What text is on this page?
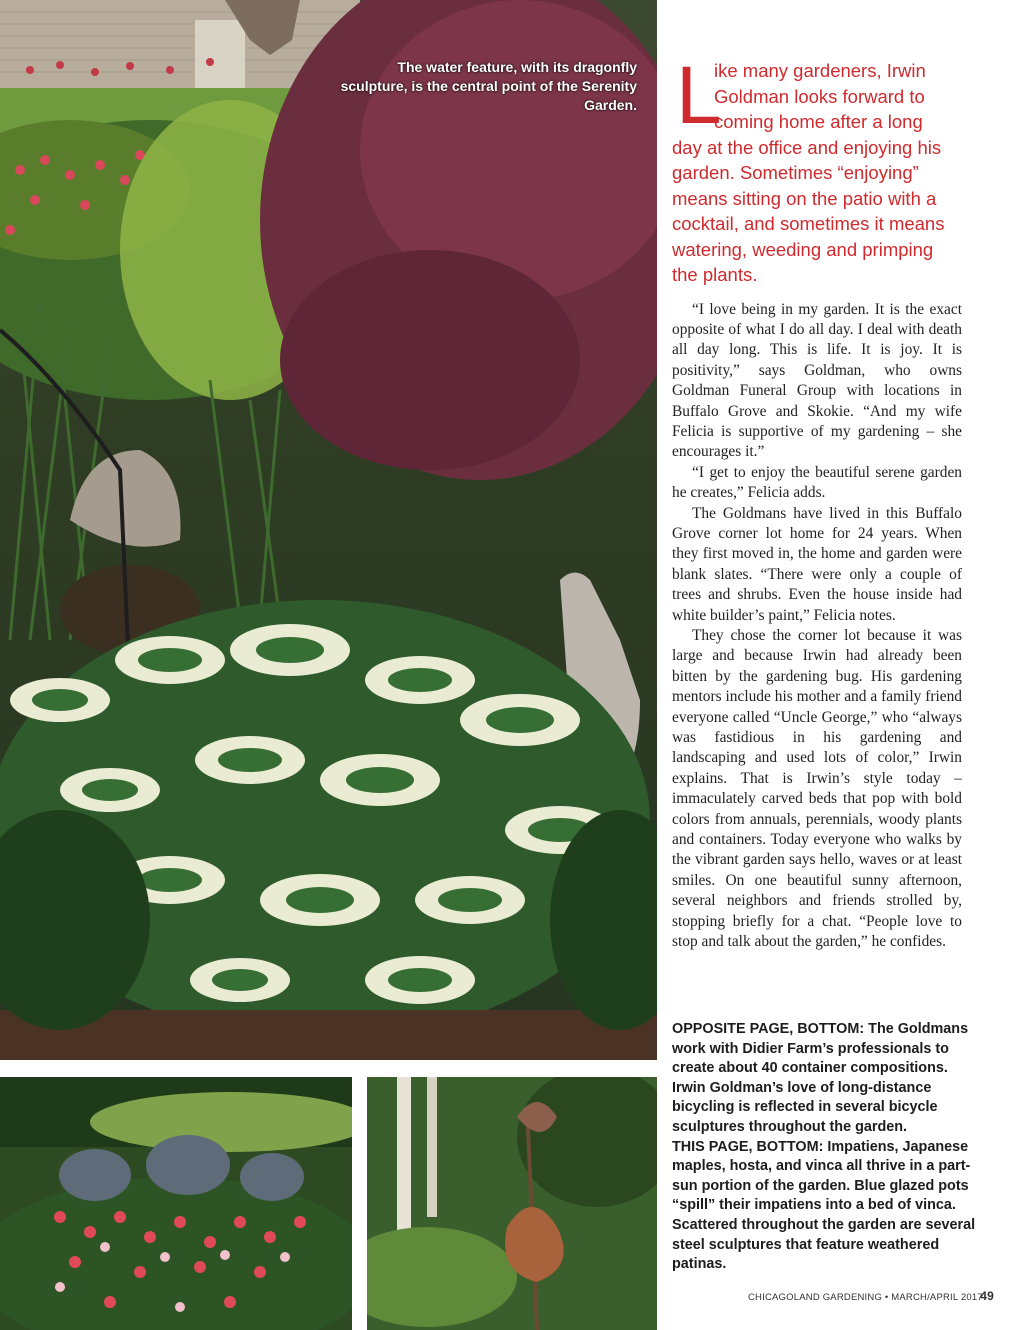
The water feature, with its dragonfly sculpture, is the central point of the Serenity Garden. L
ike many gardeners, Irwin
Goldman looks forward to
coming home after a long
day at the office and enjoying his
garden. Sometimes “enjoying”
means sitting on the patio with a
cocktail, and sometimes it means
watering, weeding and primping
the plants.

“I love being in my garden. It is the exact opposite of what I do all day. I deal with death all day long. This is life. It is joy. It is positivity,” says Goldman, who owns Goldman Funeral Group with locations in Buffalo Grove and Skokie. “And my wife Felicia is supportive of my gardening – she encourages it.”

“I get to enjoy the beautiful serene garden he creates,” Felicia adds.

The Goldmans have lived in this Buffalo Grove corner lot home for 24 years. When they first moved in, the home and garden were blank slates. “There were only a couple of trees and shrubs. Even the house inside had white builder’s paint,” Felicia notes.

They chose the corner lot because it was large and because Irwin had already been bitten by the gardening bug. His gardening mentors include his mother and a family friend everyone called “Uncle George,” who “always was fastidious in his gardening and landscaping and used lots of color,” Irwin explains. That is Irwin’s style today – immaculately carved beds that pop with bold colors from annuals, perennials, woody plants and containers. Today everyone who walks by the vibrant garden says hello, waves or at least smiles. On one beautiful sunny afternoon, several neighbors and friends strolled by, stopping briefly for a chat. “People love to stop and talk about the garden,” he confides.

OPPOSITE PAGE, BOTTOM: The Goldmans work with Didier Farm’s professionals to create about 40 container compositions. Irwin Goldman’s love of long-distance bicycling is reflected in several bicycle sculptures throughout the garden.

THIS PAGE, BOTTOM: Impatiens, Japanese maples, hosta, and vinca all thrive in a part-sun portion of the garden. Blue glazed pots “spill” their impatiens into a bed of vinca. Scattered throughout the garden are several steel sculptures that feature weathered patinas.

CHICAGOLAND GARDENING • MARCH/APRIL 2017
49
